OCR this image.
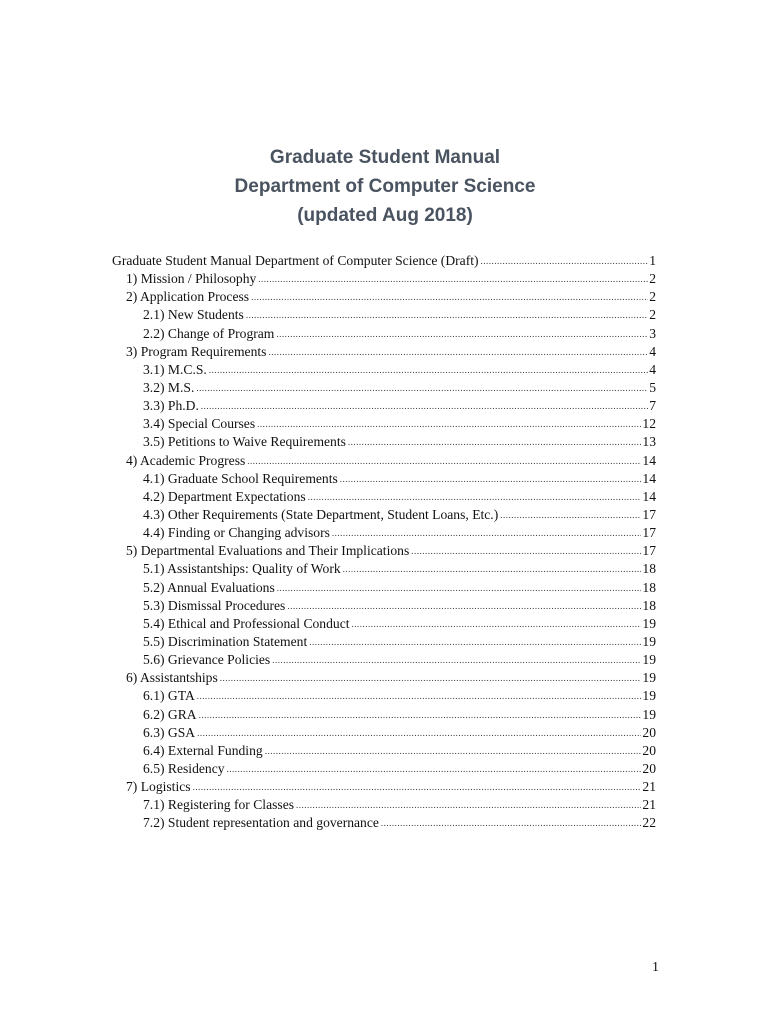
Graduate Student Manual
Department of Computer Science
(updated Aug 2018)
Graduate Student Manual Department of Computer Science (Draft) .....	1
1) Mission / Philosophy .....	2
2) Application Process .....	2
2.1) New Students .....	2
2.2) Change of Program .....	3
3) Program Requirements .....	4
3.1) M.C.S. .....	4
3.2) M.S. .....	5
3.3) Ph.D. .....	7
3.4) Special Courses .....	12
3.5) Petitions to Waive Requirements .....	13
4) Academic Progress .....	14
4.1) Graduate School Requirements .....	14
4.2) Department Expectations .....	14
4.3) Other Requirements (State Department, Student Loans, Etc.) .....	17
4.4) Finding or Changing advisors .....	17
5) Departmental Evaluations and Their Implications .....	17
5.1) Assistantships: Quality of Work .....	18
5.2) Annual Evaluations .....	18
5.3) Dismissal Procedures .....	18
5.4) Ethical and Professional Conduct .....	19
5.5) Discrimination Statement .....	19
5.6) Grievance Policies .....	19
6) Assistantships .....	19
6.1) GTA .....	19
6.2) GRA .....	19
6.3) GSA .....	20
6.4) External Funding .....	20
6.5) Residency .....	20
7) Logistics .....	21
7.1) Registering for Classes .....	21
7.2) Student representation and governance .....	22
1
